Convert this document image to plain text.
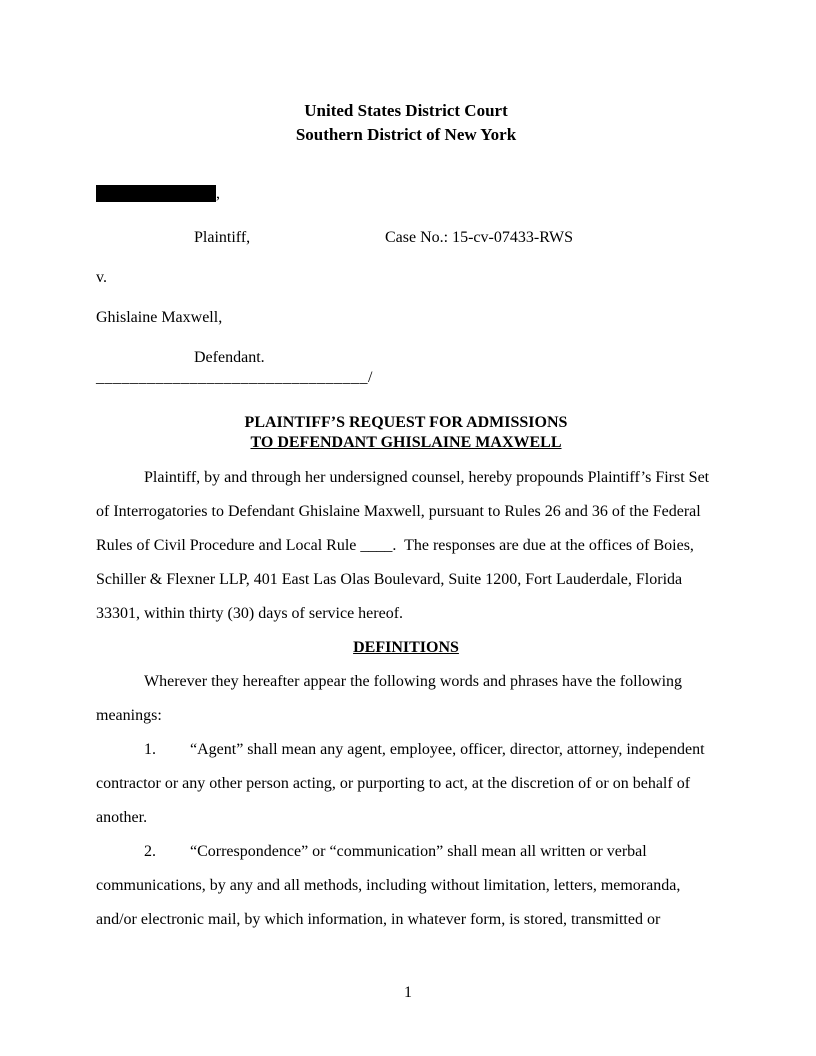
United States District Court
Southern District of New York
,
Plaintiff,	Case No.: 15-cv-07433-RWS
v.
Ghislaine Maxwell,
Defendant.
________________________________/
PLAINTIFF’S REQUEST FOR ADMISSIONS
TO DEFENDANT GHISLAINE MAXWELL

Plaintiff, by and through her undersigned counsel, hereby propounds Plaintiff’s First Set of Interrogatories to Defendant Ghislaine Maxwell, pursuant to Rules 26 and 36 of the Federal Rules of Civil Procedure and Local Rule ____.  The responses are due at the offices of Boies, Schiller & Flexner LLP, 401 East Las Olas Boulevard, Suite 1200, Fort Lauderdale, Florida 33301, within thirty (30) days of service hereof.

DEFINITIONS

Wherever they hereafter appear the following words and phrases have the following meanings:

1. “Agent” shall mean any agent, employee, officer, director, attorney, independent contractor or any other person acting, or purporting to act, at the discretion of or on behalf of another.

2. “Correspondence” or “communication” shall mean all written or verbal communications, by any and all methods, including without limitation, letters, memoranda, and/or electronic mail, by which information, in whatever form, is stored, transmitted or

1
